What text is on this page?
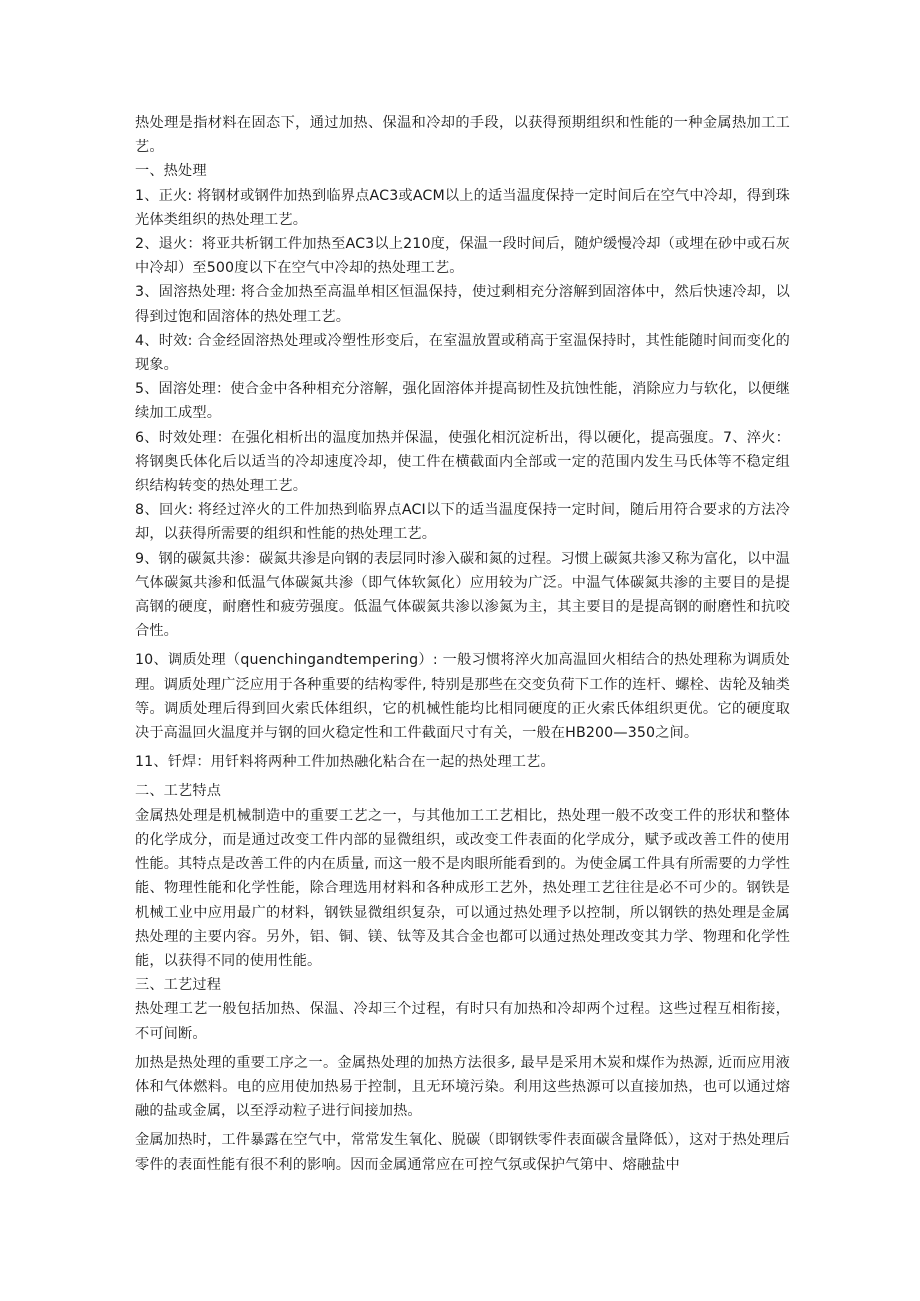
热处理是指材料在固态下，通过加热、保温和冷却的手段，以获得预期组织和性能的一种金属热加工工艺。

一、热处理

1、正火: 将钢材或钢件加热到临界点AC3或ACM以上的适当温度保持一定时间后在空气中冷却，得到珠光体类组织的热处理工艺。

2、退火：将亚共析钢工件加热至AC3以上210度，保温一段时间后，随炉缓慢冷却（或埋在砂中或石灰中冷却）至500度以下在空气中冷却的热处理工艺。

3、固溶热处理: 将合金加热至高温单相区恒温保持，使过剩相充分溶解到固溶体中，然后快速冷却，以得到过饱和固溶体的热处理工艺。

4、时效: 合金经固溶热处理或冷塑性形变后，在室温放置或稍高于室温保持时，其性能随时间而变化的现象。

5、固溶处理：使合金中各种相充分溶解，强化固溶体并提高韧性及抗蚀性能，消除应力与软化，以便继续加工成型。

6、时效处理：在强化相析出的温度加热并保温，使强化相沉淀析出，得以硬化，提高强度。7、淬火：将钢奥氏体化后以适当的冷却速度冷却，使工件在横截面内全部或一定的范围内发生马氏体等不稳定组织结构转变的热处理工艺。

8、回火: 将经过淬火的工件加热到临界点ACI以下的适当温度保持一定时间，随后用符合要求的方法冷却，以获得所需要的组织和性能的热处理工艺。

9、钢的碳氮共渗：碳氮共渗是向钢的表层同时渗入碳和氮的过程。习惯上碳氮共渗又称为富化，以中温气体碳氮共渗和低温气体碳氮共渗（即气体软氮化）应用较为广泛。中温气体碳氮共渗的主要目的是提高钢的硬度，耐磨性和疲劳强度。低温气体碳氮共渗以渗氮为主，其主要目的是提高钢的耐磨性和抗咬合性。

10、调质处理（quenchingandtempering）: 一般习惯将淬火加高温回火相结合的热处理称为调质处理。调质处理广泛应用于各种重要的结构零件, 特别是那些在交变负荷下工作的连杆、螺栓、齿轮及轴类等。调质处理后得到回火索氏体组织，它的机械性能均比相同硬度的正火索氏体组织更优。它的硬度取决于高温回火温度并与钢的回火稳定性和工件截面尺寸有关，一般在HB200—350之间。

11、钎焊：用钎料将两种工件加热融化粘合在一起的热处理工艺。

二、工艺特点

金属热处理是机械制造中的重要工艺之一，与其他加工工艺相比，热处理一般不改变工件的形状和整体的化学成分，而是通过改变工件内部的显微组织，或改变工件表面的化学成分，赋予或改善工件的使用性能。其特点是改善工件的内在质量, 而这一般不是肉眼所能看到的。为使金属工件具有所需要的力学性能、物理性能和化学性能，除合理选用材料和各种成形工艺外，热处理工艺往往是必不可少的。钢铁是机械工业中应用最广的材料，钢铁显微组织复杂，可以通过热处理予以控制，所以钢铁的热处理是金属热处理的主要内容。另外，铝、铜、镁、钛等及其合金也都可以通过热处理改变其力学、物理和化学性能，以获得不同的使用性能。

三、工艺过程

热处理工艺一般包括加热、保温、冷却三个过程，有时只有加热和冷却两个过程。这些过程互相衔接，不可间断。

加热是热处理的重要工序之一。金属热处理的加热方法很多, 最早是采用木炭和煤作为热源, 近而应用液体和气体燃料。电的应用使加热易于控制，且无环境污染。利用这些热源可以直接加热，也可以通过熔融的盐或金属，以至浮动粒子进行间接加热。

金属加热时，工件暴露在空气中，常常发生氧化、脱碳（即钢铁零件表面碳含量降低），这对于热处理后零件的表面性能有很不利的影响。因而金属通常应在可控气氛或保护气第中、熔融盐中
